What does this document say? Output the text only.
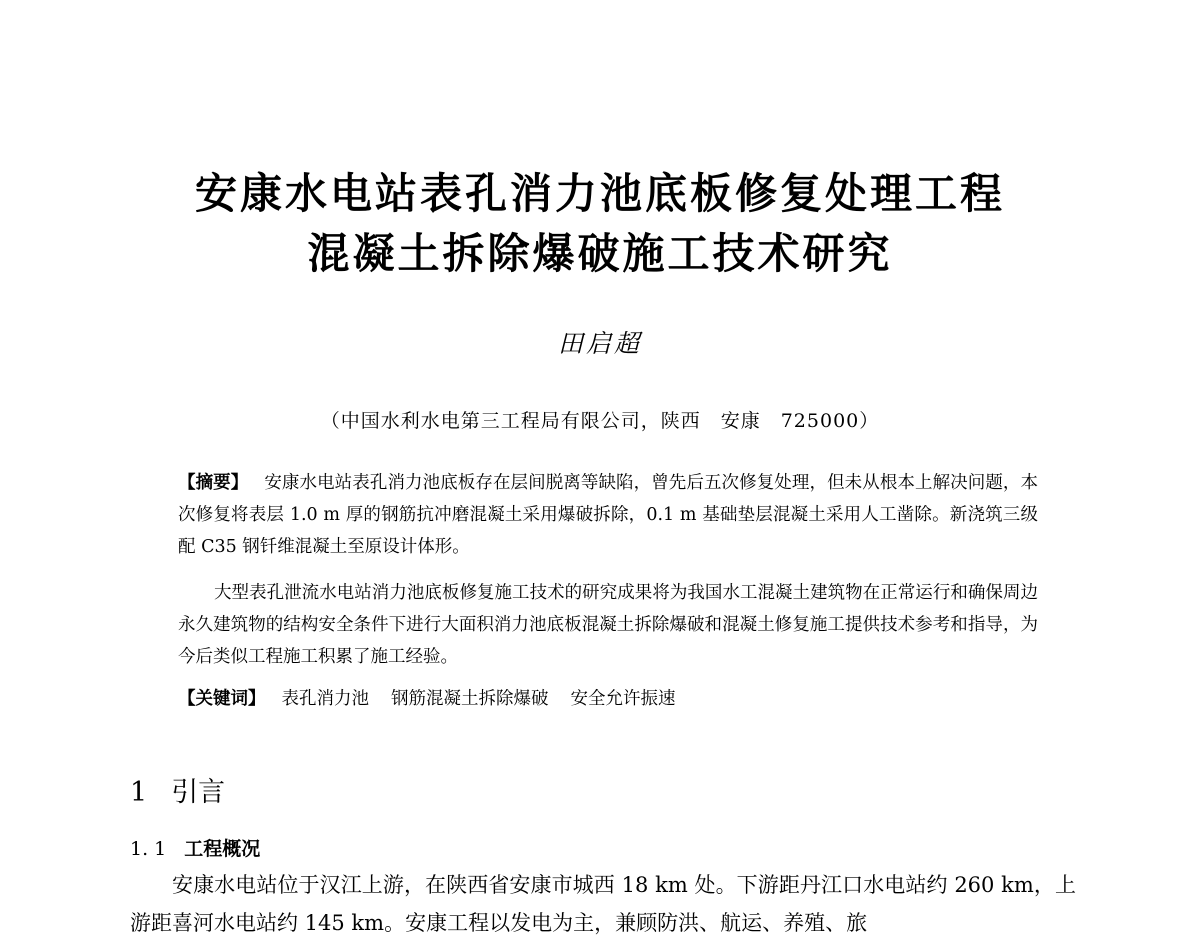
安康水电站表孔消力池底板修复处理工程
混凝土拆除爆破施工技术研究
田启超
（中国水利水电第三工程局有限公司，陕西　安康　725000）
【摘要】 安康水电站表孔消力池底板存在层间脱离等缺陷，曾先后五次修复处理，但未从根本上解决问题，本次修复将表层 1.0 m 厚的钢筋抗冲磨混凝土采用爆破拆除，0.1 m 基础垫层混凝土采用人工凿除。新浇筑三级配 C35 钢钎维混凝土至原设计体形。
大型表孔泄流水电站消力池底板修复施工技术的研究成果将为我国水工混凝土建筑物在正常运行和确保周边永久建筑物的结构安全条件下进行大面积消力池底板混凝土拆除爆破和混凝土修复施工提供技术参考和指导，为今后类似工程施工积累了施工经验。
【关键词】 表孔消力池 钢筋混凝土拆除爆破 安全允许振速
1 引言
1. 1 工程概况
安康水电站位于汉江上游，在陕西省安康市城西 18 km 处。下游距丹江口水电站约 260 km，上游距喜河水电站约 145 km。安康工程以发电为主，兼顾防洪、航运、养殖、旅
